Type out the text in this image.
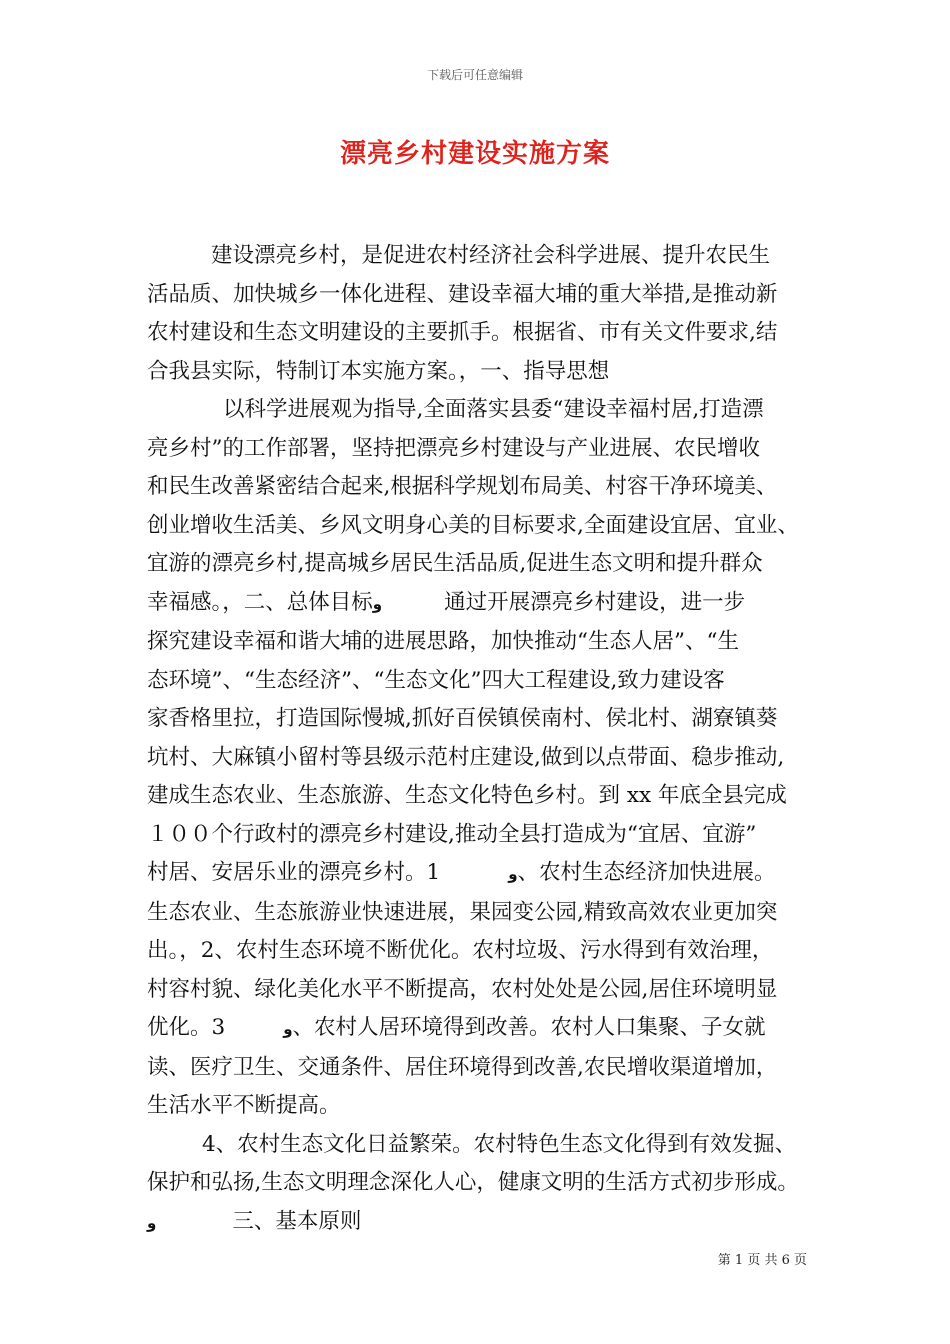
下载后可任意编辑
漂亮乡村建设实施方案

建设漂亮乡村，是促进农村经济社会科学进展、提升农民生

活品质、加快城乡一体化进程、建设幸福大埔的重大举措,是推动新

农村建设和生态文明建设的主要抓手。根据省、市有关文件要求,结

合我县实际，特制订本实施方案。，一、指导思想

以科学进展观为指导,全面落实县委“建设幸福村居,打造漂

亮乡村”的工作部署，坚持把漂亮乡村建设与产业进展、农民增收

和民生改善紧密结合起来,根据科学规划布局美、村容干净环境美、

创业增收生活美、乡风文明身心美的目标要求,全面建设宜居、宜业、

宜游的漂亮乡村,提高城乡居民生活品质,促进生态文明和提升群众

幸福感。，二、总体目标و	通过开展漂亮乡村建设，进一步

探究建设幸福和谐大埔的进展思路，加快推动“生态人居”、“生

态环境”、“生态经济”、“生态文化”四大工程建设,致力建设客

家香格里拉，打造国际慢城,抓好百侯镇侯南村、侯北村、湖寮镇葵

坑村、大麻镇小留村等县级示范村庄建设,做到以点带面、稳步推动,

建成生态农业、生态旅游、生态文化特色乡村。到 xx 年底全县完成

１００个行政村的漂亮乡村建设,推动全县打造成为“宜居、宜游”

村居、安居乐业的漂亮乡村。1	و、农村生态经济加快进展。

生态农业、生态旅游业快速进展，果园变公园,精致高效农业更加突

出。，2、农村生态环境不断优化。农村垃圾、污水得到有效治理，

村容村貌、绿化美化水平不断提高，农村处处是公园,居住环境明显

优化。3	و、农村人居环境得到改善。农村人口集聚、子女就

读、医疗卫生、交通条件、居住环境得到改善,农民增收渠道增加，

生活水平不断提高。

4、农村生态文化日益繁荣。农村特色生态文化得到有效发掘、

保护和弘扬,生态文明理念深化人心，健康文明的生活方式初步形成。

و	三、基本原则

第 1 页 共 6 页
